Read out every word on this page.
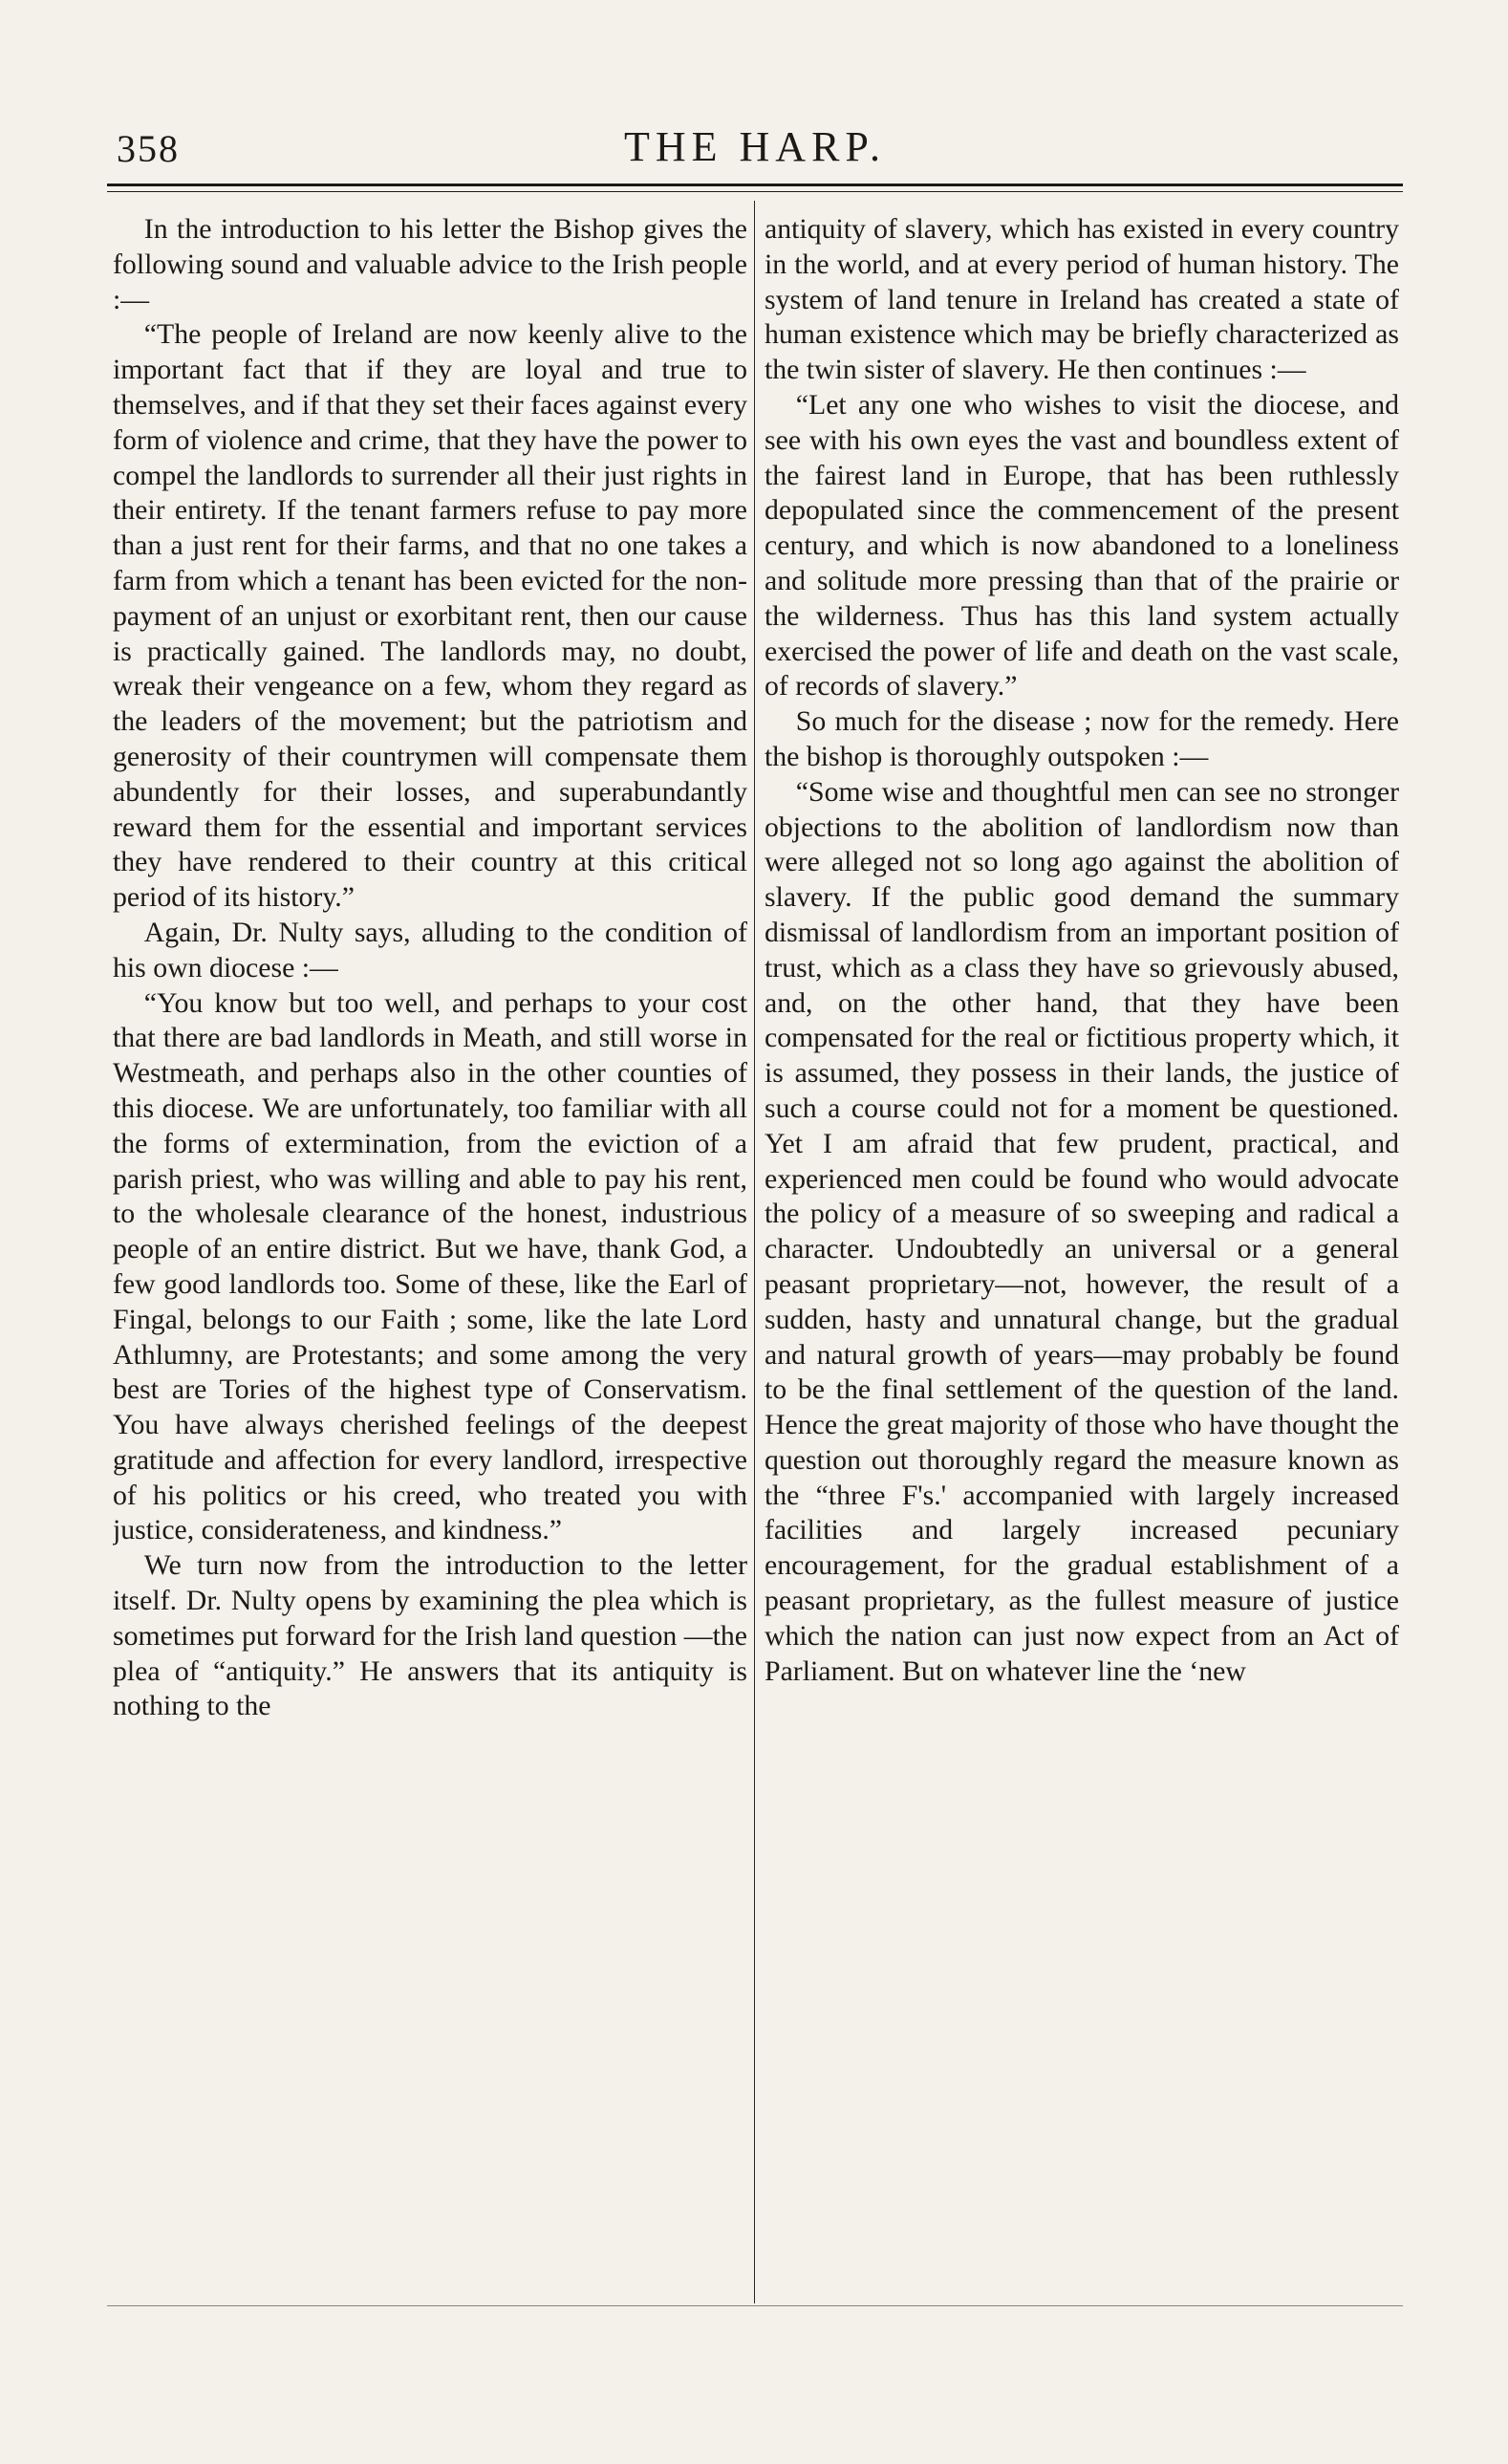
358	THE HARP.

In the introduction to his letter the Bishop gives the following sound and valuable advice to the Irish people :—

“The people of Ireland are now keenly alive to the important fact that if they are loyal and true to themselves, and if that they set their faces against every form of violence and crime, that they have the power to compel the landlords to surrender all their just rights in their entirety. If the tenant farmers refuse to pay more than a just rent for their farms, and that no one takes a farm from which a tenant has been evicted for the non-payment of an unjust or exorbitant rent, then our cause is practically gained. The landlords may, no doubt, wreak their vengeance on a few, whom they regard as the leaders of the movement; but the patriotism and generosity of their countrymen will compensate them abundently for their losses, and superabundantly reward them for the essential and important services they have rendered to their country at this critical period of its history.”

Again, Dr. Nulty says, alluding to the condition of his own diocese :—

“You know but too well, and perhaps to your cost that there are bad landlords in Meath, and still worse in Westmeath, and perhaps also in the other counties of this diocese. We are unfortunately, too familiar with all the forms of extermination, from the eviction of a parish priest, who was willing and able to pay his rent, to the wholesale clearance of the honest, industrious people of an entire district. But we have, thank God, a few good landlords too. Some of these, like the Earl of Fingal, belongs to our Faith ; some, like the late Lord Athlumny, are Protestants; and some among the very best are Tories of the highest type of Conservatism. You have always cherished feelings of the deepest gratitude and affection for every landlord, irrespective of his politics or his creed, who treated you with justice, considerateness, and kindness.”

We turn now from the introduction to the letter itself. Dr. Nulty opens by examining the plea which is sometimes put forward for the Irish land question —the plea of “antiquity.” He answers that its antiquity is nothing to the

antiquity of slavery, which has existed in every country in the world, and at every period of human history. The system of land tenure in Ireland has created a state of human existence which may be briefly characterized as the twin sister of slavery. He then continues :—

“Let any one who wishes to visit the diocese, and see with his own eyes the vast and boundless extent of the fairest land in Europe, that has been ruthlessly depopulated since the commencement of the present century, and which is now abandoned to a loneliness and solitude more pressing than that of the prairie or the wilderness. Thus has this land system actually exercised the power of life and death on the vast scale, of records of slavery.”

So much for the disease ; now for the remedy. Here the bishop is thoroughly outspoken :—

“Some wise and thoughtful men can see no stronger objections to the abolition of landlordism now than were alleged not so long ago against the abolition of slavery. If the public good demand the summary dismissal of landlordism from an important position of trust, which as a class they have so grievously abused, and, on the other hand, that they have been compensated for the real or fictitious property which, it is assumed, they possess in their lands, the justice of such a course could not for a moment be questioned. Yet I am afraid that few prudent, practical, and experienced men could be found who would advocate the policy of a measure of so sweeping and radical a character. Undoubtedly an universal or a general peasant proprietary—not, however, the result of a sudden, hasty and unnatural change, but the gradual and natural growth of years—may probably be found to be the final settlement of the question of the land. Hence the great majority of those who have thought the question out thoroughly regard the measure known as the “three F's.' accompanied with largely increased facilities and largely increased pecuniary encouragement, for the gradual establishment of a peasant proprietary, as the fullest measure of justice which the nation can just now expect from an Act of Parliament. But on whatever line the ‘new
